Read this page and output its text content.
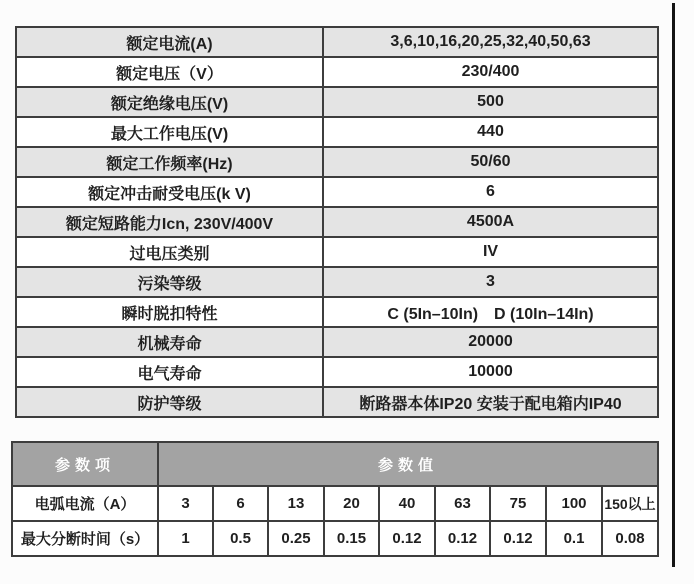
额定电流(A)	3,6,10,16,20,25,32,40,50,63
额定电压（V）	230/400
额定绝缘电压(V)	500
最大工作电压(V)	440
额定工作频率(Hz)	50/60
额定冲击耐受电压(k V)	6
额定短路能力Icn, 230V/400V	4500A
过电压类别	IV
污染等级	3
瞬时脱扣特性	C (5In–10In)　D (10In–14In)
机械寿命	20000
电气寿命	10000
防护等级	断路器本体IP20 安装于配电箱内IP40
参数项	参数值								
电弧电流（A）	3	6	13	20	40	63	75	100	150以上
最大分断时间（s）	1	0.5	0.25	0.15	0.12	0.12	0.12	0.1	0.08
